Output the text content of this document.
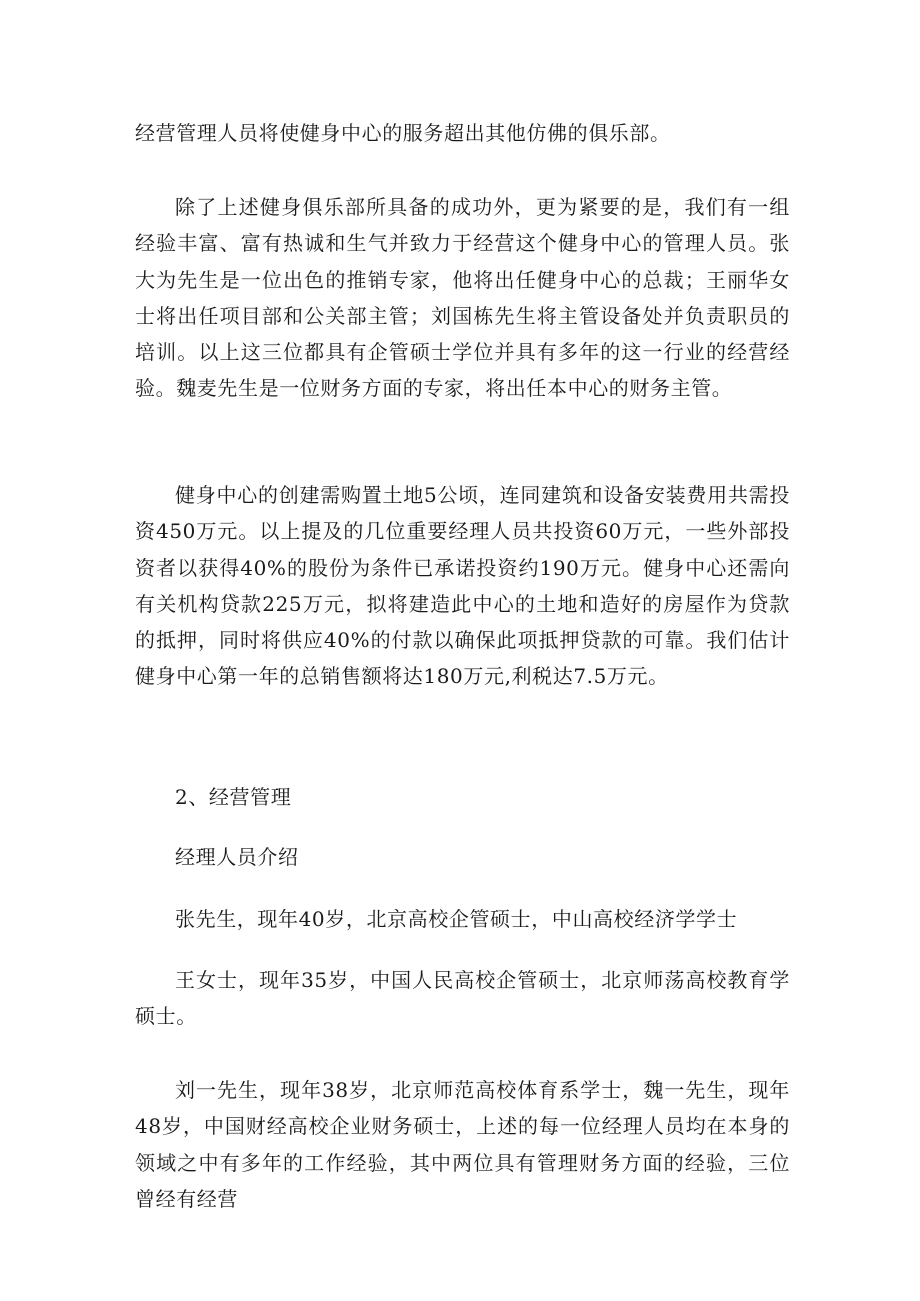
经营管理人员将使健身中心的服务超出其他仿佛的俱乐部。

除了上述健身俱乐部所具备的成功外，更为紧要的是，我们有一组经验丰富、富有热诚和生气并致力于经营这个健身中心的管理人员。张大为先生是一位出色的推销专家，他将出任健身中心的总裁；王丽华女士将出任项目部和公关部主管；刘国栋先生将主管设备处并负责职员的培训。以上这三位都具有企管硕士学位并具有多年的这一行业的经营经验。魏麦先生是一位财务方面的专家，将出任本中心的财务主管。

健身中心的创建需购置土地5公顷，连同建筑和设备安装费用共需投资450万元。以上提及的几位重要经理人员共投资60万元，一些外部投资者以获得40%的股份为条件已承诺投资约190万元。健身中心还需向有关机构贷款225万元，拟将建造此中心的土地和造好的房屋作为贷款的抵押，同时将供应40%的付款以确保此项抵押贷款的可靠。我们估计健身中心第一年的总销售额将达180万元,利税达7.5万元。

2、经营管理

经理人员介绍

张先生，现年40岁，北京高校企管硕士，中山高校经济学学士

王女士，现年35岁，中国人民高校企管硕士，北京师荡高校教育学硕士。

刘一先生，现年38岁，北京师范高校体育系学士，魏一先生，现年48岁，中国财经高校企业财务硕士，上述的每一位经理人员均在本身的领域之中有多年的工作经验，其中两位具有管理财务方面的经验，三位曾经有经营
